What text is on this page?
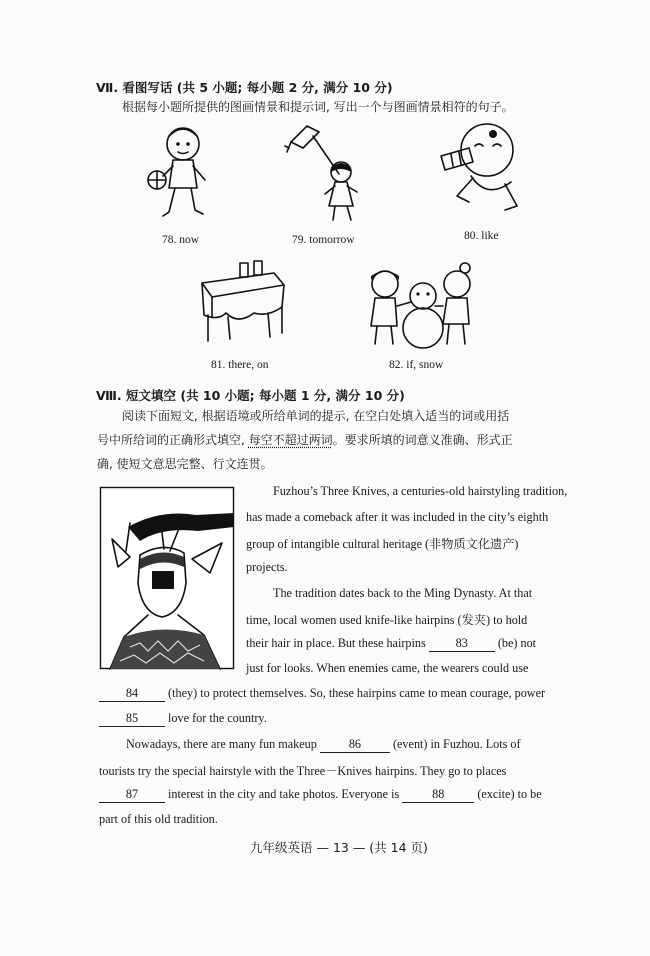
Ⅶ. 看图写话 (共 5 小题; 每小题 2 分, 满分 10 分)
根据每小题所提供的图画情景和提示词, 写出一个与图画情景相符的句子。
78. now	79. tomorrow	80. like
81. there, on	82. if, snow
Ⅷ. 短文填空 (共 10 小题; 每小题 1 分, 满分 10 分)
阅读下面短文, 根据语境或所给单词的提示, 在空白处填入适当的词或用括
号中所给词的正确形式填空, 每空不超过两词。要求所填的词意义准确、形式正
确, 使短文意思完整、行文连贯。
Fuzhou’s Three Knives, a centuries-old hairstyling tradition,
has made a comeback after it was included in the city’s eighth
group of intangible cultural heritage (非物质文化遗产)
projects.
The tradition dates back to the Ming Dynasty. At that
time, local women used knife-like hairpins (发夹) to hold
their hair in place. But these hairpins 83 (be) not
just for looks. When enemies came, the wearers could use
84 (they) to protect themselves. So, these hairpins came to mean courage, power
85 love for the country.
Nowadays, there are many fun makeup	86	(event) in Fuzhou. Lots of
tourists try the special hairstyle with the Three－Knives hairpins. They go to places
87 interest in the city and take photos. Everyone is	88	(excite) to be
part of this old tradition.
九年级英语 — 13 — (共 14 页)
